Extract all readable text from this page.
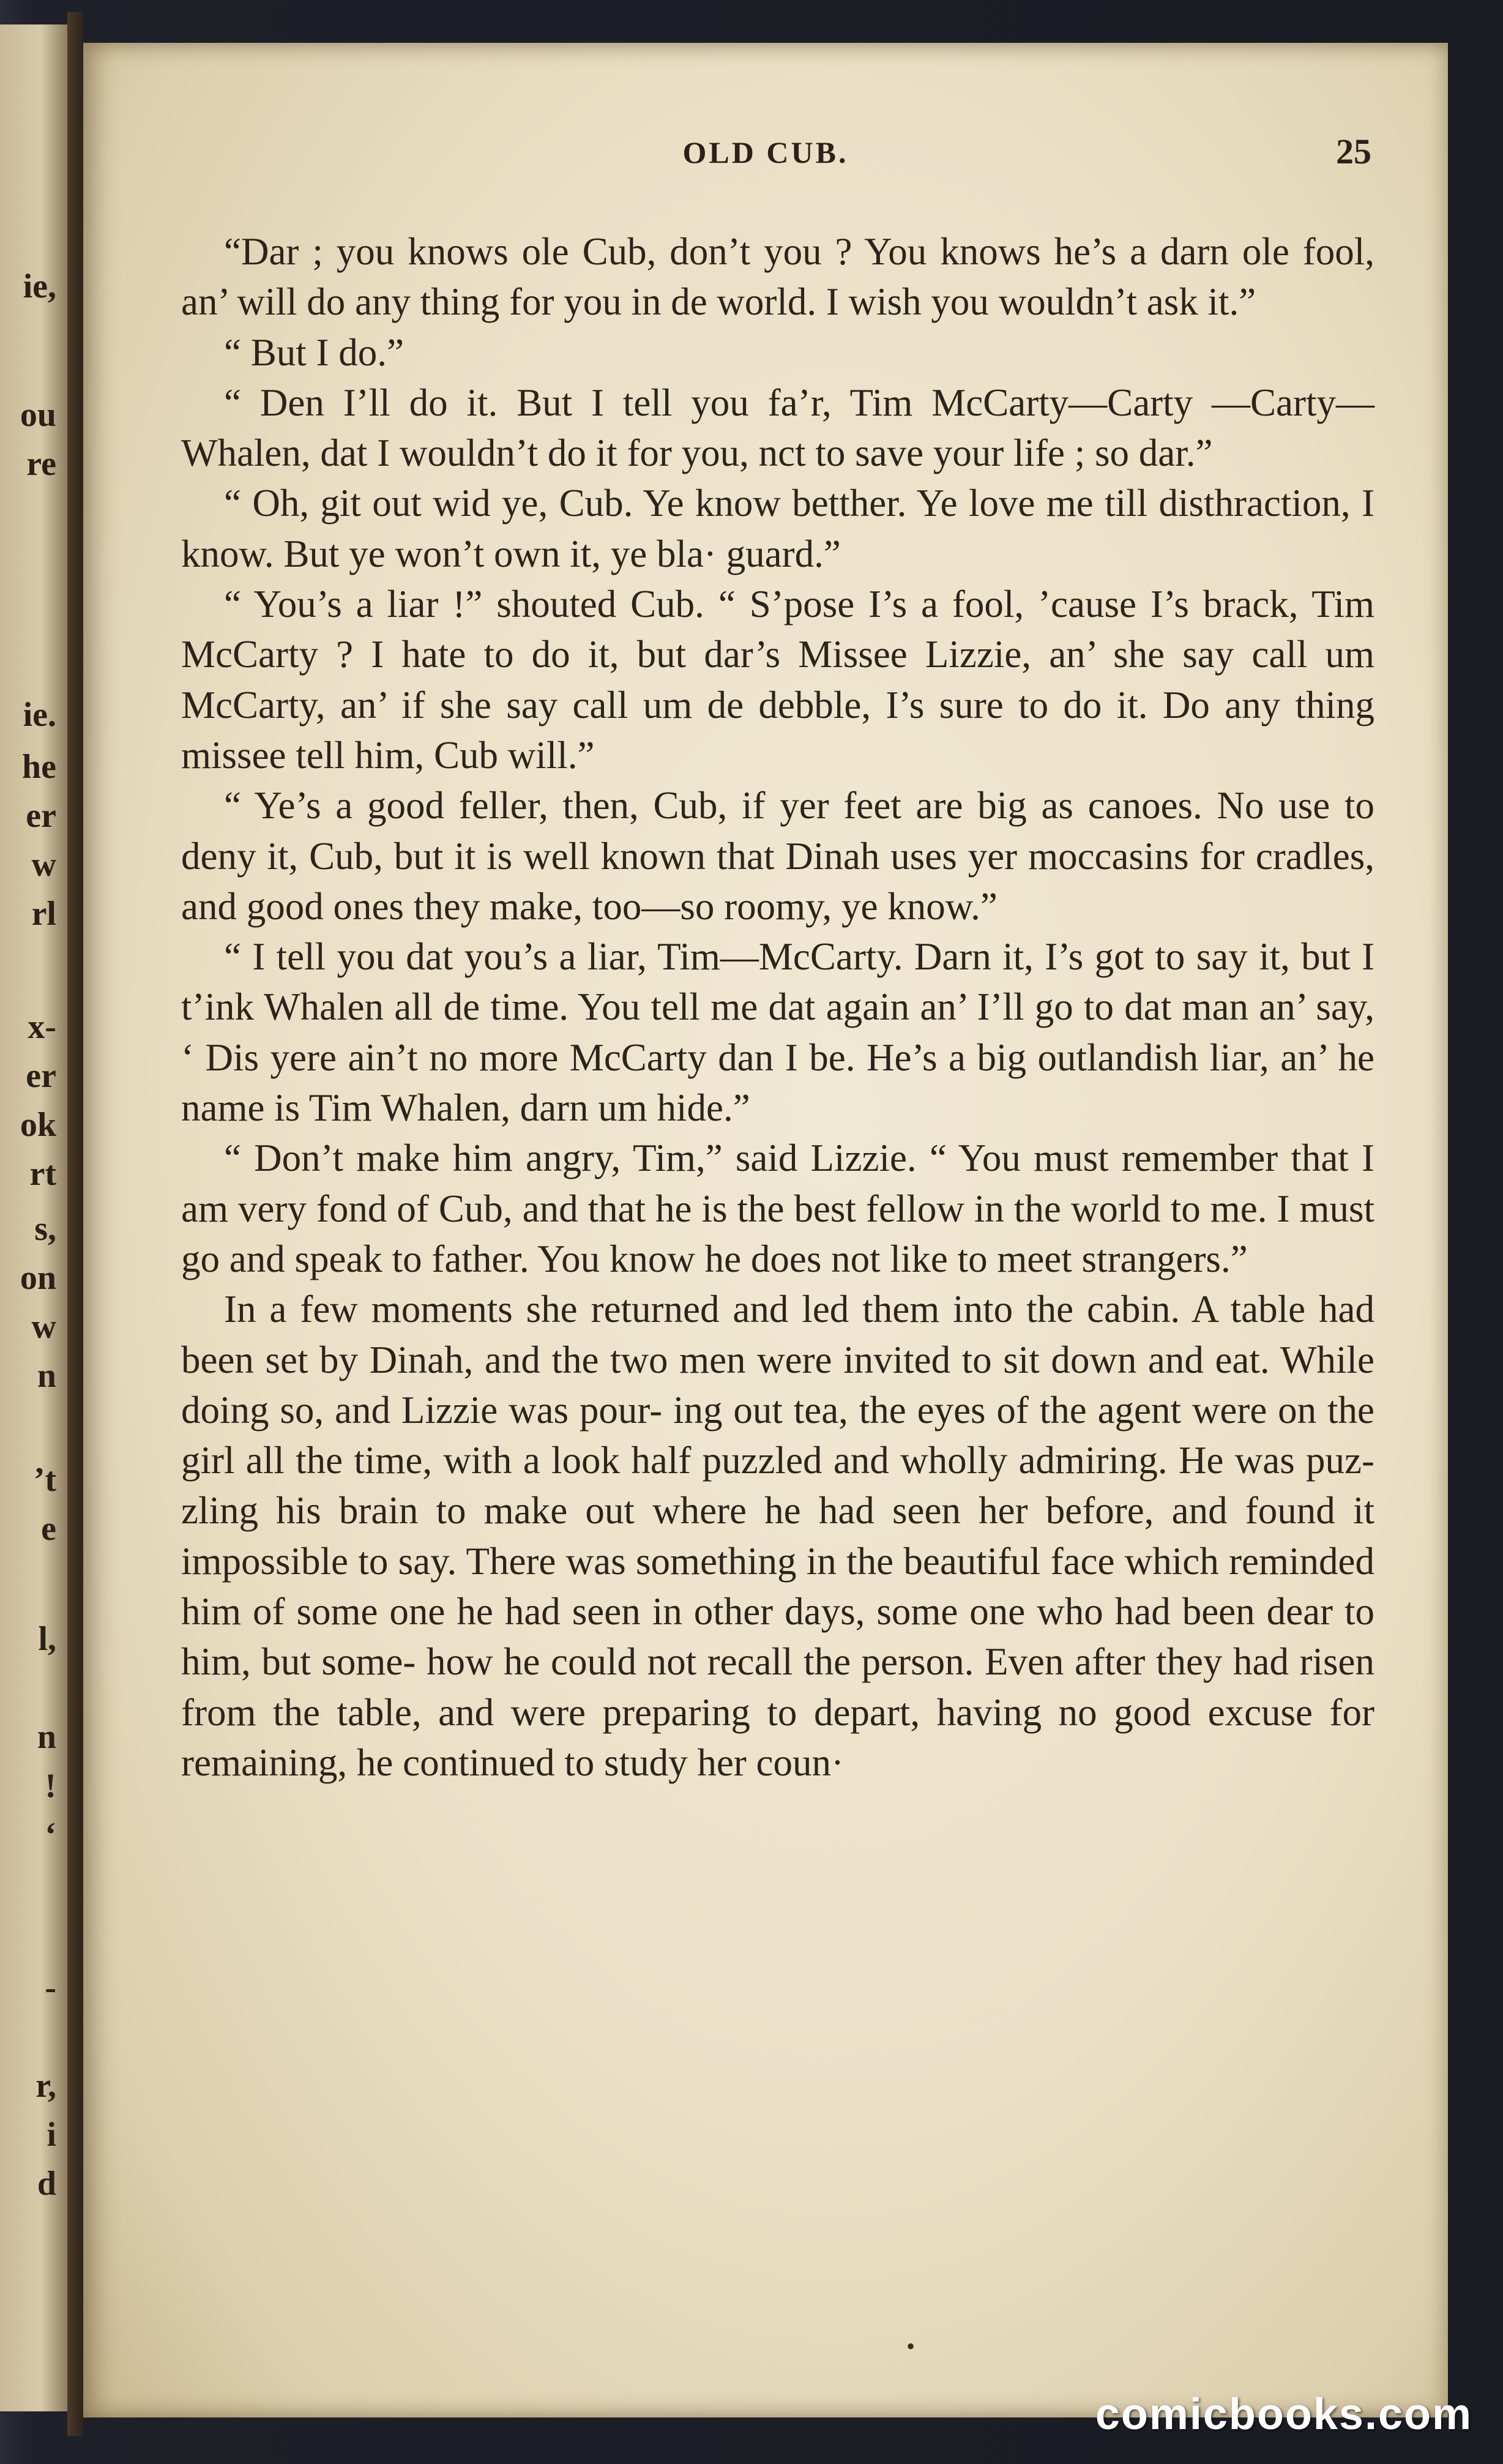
ie,
ou
re
ie.
he
er
w
rl
x-
er
ok
rt
s,
on
w
n
’t
e
l,
n
!
‘
-
r,
i
d
OLD CUB.	25

“Dar ; you knows ole Cub, don’t you ? You knows he’s a darn ole fool, an’ will do any thing for you in de world. I wish you wouldn’t ask it.”

“ But I do.”

“ Den I’ll do it. But I tell you fa’r, Tim McCarty—Carty —Carty—Whalen, dat I wouldn’t do it for you, nct to save your life ; so dar.”

“ Oh, git out wid ye, Cub. Ye know betther. Ye love me till disthraction, I know. But ye won’t own it, ye bla· guard.”

“ You’s a liar !” shouted Cub. “ S’pose I’s a fool, ’cause I’s brack, Tim McCarty ? I hate to do it, but dar’s Missee Lizzie, an’ she say call um McCarty, an’ if she say call um de debble, I’s sure to do it. Do any thing missee tell him, Cub will.”

“ Ye’s a good feller, then, Cub, if yer feet are big as canoes. No use to deny it, Cub, but it is well known that Dinah uses yer moccasins for cradles, and good ones they make, too—so roomy, ye know.”

“ I tell you dat you’s a liar, Tim—McCarty. Darn it, I’s got to say it, but I t’ink Whalen all de time. You tell me dat again an’ I’ll go to dat man an’ say, ‘ Dis yere ain’t no more McCarty dan I be. He’s a big outlandish liar, an’ he name is Tim Whalen, darn um hide.”

“ Don’t make him angry, Tim,” said Lizzie. “ You must remember that I am very fond of Cub, and that he is the best fellow in the world to me. I must go and speak to father. You know he does not like to meet strangers.”

In a few moments she returned and led them into the cabin. A table had been set by Dinah, and the two men were invited to sit down and eat. While doing so, and Lizzie was pour- ing out tea, the eyes of the agent were on the girl all the time, with a look half puzzled and wholly admiring. He was puz- zling his brain to make out where he had seen her before, and found it impossible to say. There was something in the beautiful face which reminded him of some one he had seen in other days, some one who had been dear to him, but some- how he could not recall the person. Even after they had risen from the table, and were preparing to depart, having no good excuse for remaining, he continued to study her coun·

•
comicbooks.com
